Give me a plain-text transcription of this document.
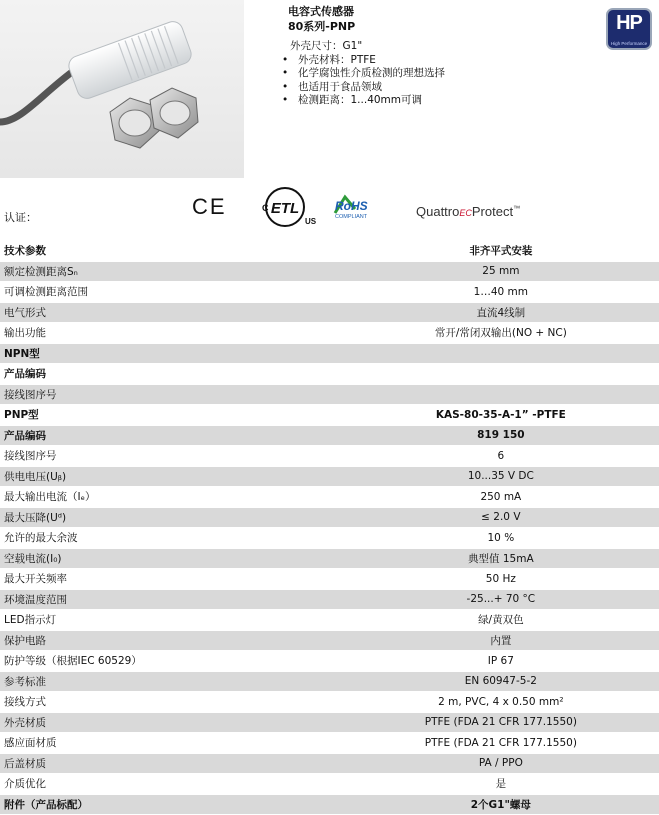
电容式传感器
80系列-PNP
外壳尺寸：G1"
• 外壳材料：PTFE
• 化学腐蚀性介质检测的理想选择
• 也适用于食品领域
• 检测距离：1...40mm可调
HP
High Performance
认证：	CE	ETL
C
US
RoHS
COMPLIANT	QuattroECProtect™
技术参数	非齐平式安装
额定检测距离Sₙ	25 mm
可调检测距离范围	1…40 mm
电气形式	直流4线制
输出功能	常开/常闭双输出(NO + NC)
NPN型	
产品编码	
接线图序号	
PNP型	KAS-80-35-A-1” -PTFE
产品编码	819 150
接线图序号	6
供电电压(Uᵦ)	10...35 V DC
最大输出电流（Iₑ）	250 mA
最大压降(Uᵈ)	≤ 2.0 V
允许的最大余波	10 %
空载电流(I₀)	典型值 15mA
最大开关频率	50 Hz
环境温度范围	-25...+ 70 °C
LED指示灯	绿/黄双色
保护电路	内置
防护等级（根据IEC 60529）	IP 67
参考标准	EN 60947-5-2
接线方式	2 m, PVC, 4 x 0.50 mm²
外壳材质	PTFE (FDA 21 CFR 177.1550)
感应面材质	PTFE (FDA 21 CFR 177.1550)
后盖材质	PA / PPO
介质优化	是
附件（产品标配）	2个G1"螺母
